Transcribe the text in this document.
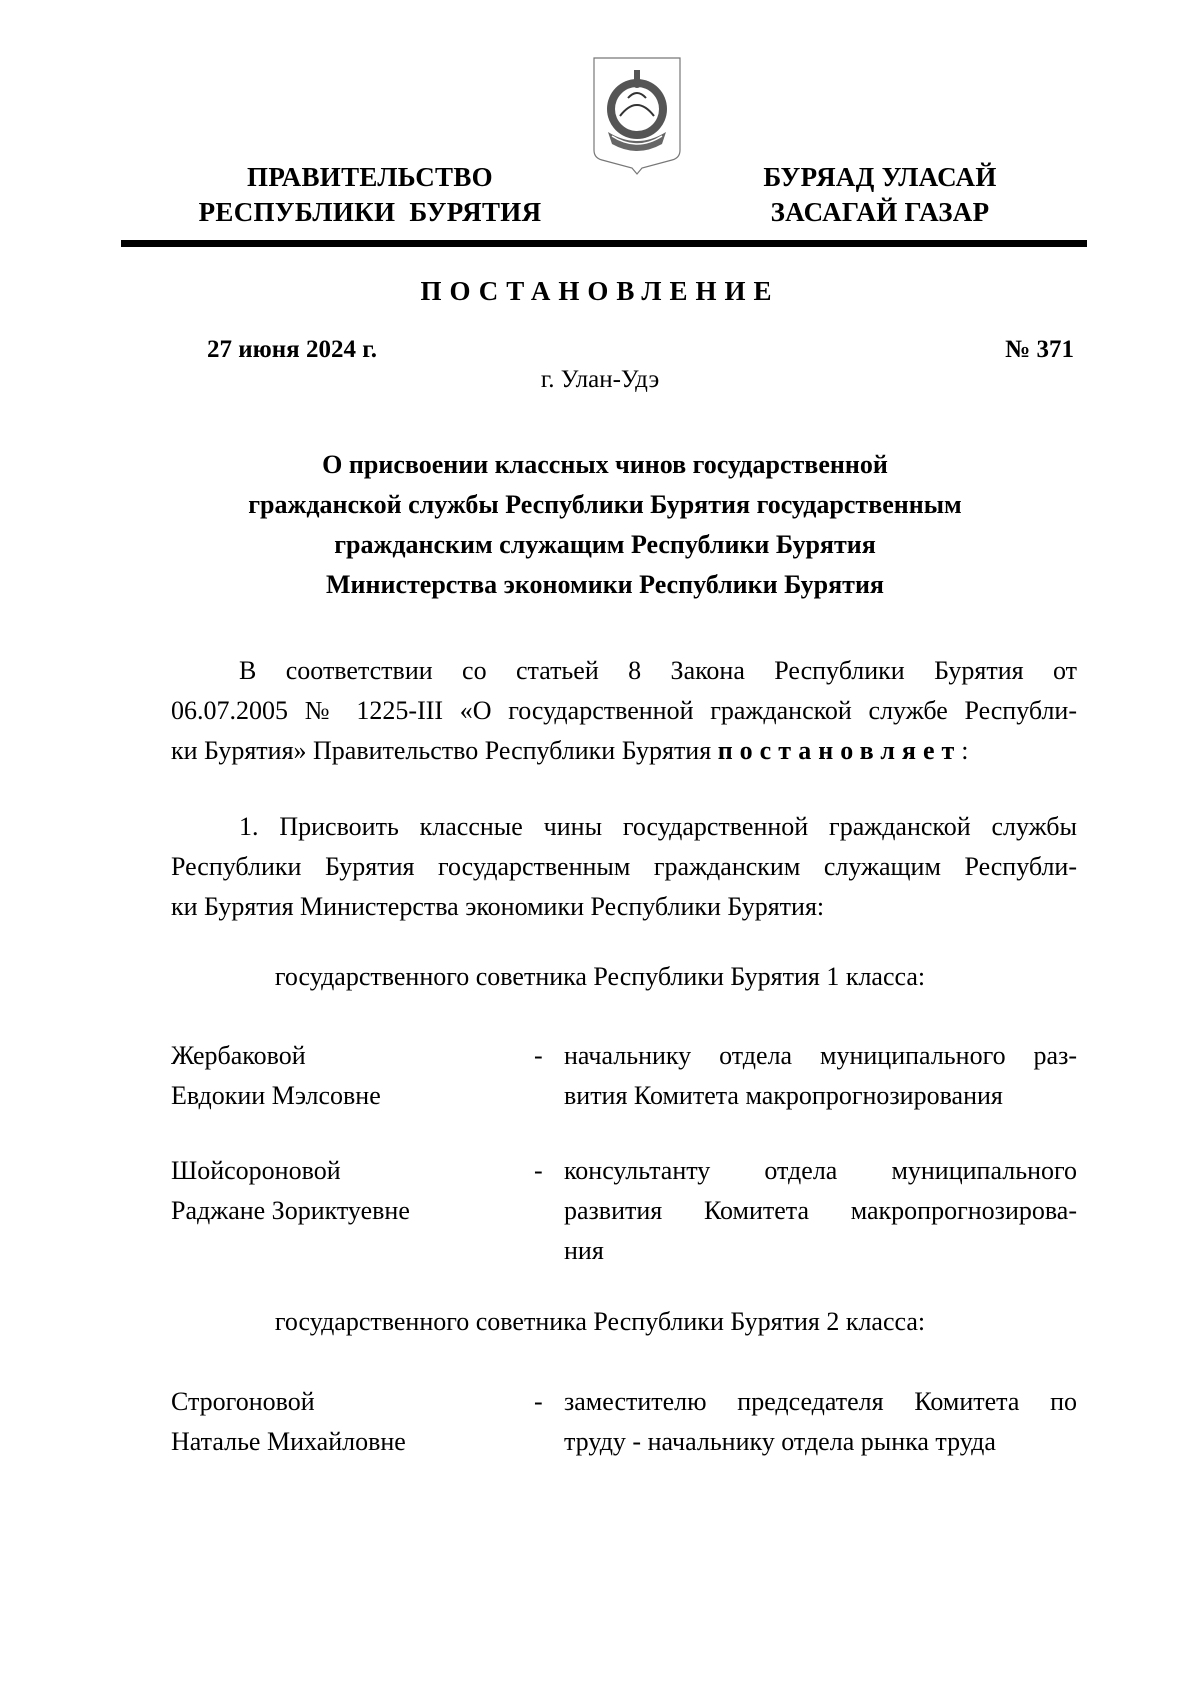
ПРАВИТЕЛЬСТВО
РЕСПУБЛИКИ  БУРЯТИЯ
БУРЯАД УЛАСАЙ
ЗАСАГАЙ ГАЗАР
ПОСТАНОВЛЕНИЕ
27 июня 2024 г.	№ 371
г. Улан-Удэ
О присвоении классных чинов государственной
гражданской службы Республики Бурятия государственным
гражданским служащим Республики Бурятия
Министерства экономики Республики Бурятия
В соответствии со статьей 8 Закона Республики Бурятия от
06.07.2005 № 1225-III «О государственной гражданской службе Республи-
ки Бурятия» Правительство Республики Бурятия постановляет:
1. Присвоить классные чины государственной гражданской службы
Республики Бурятия государственным гражданским служащим Республи-
ки Бурятия Министерства экономики Республики Бурятия:
государственного советника Республики Бурятия 1 класса:
Жербаковой
Евдокии Мэлсовне
- начальнику отдела муниципального раз-
вития Комитета макропрогнозирования
Шойсороновой
Раджане Зориктуевне
- консультанту отдела муниципального
развития Комитета макропрогнозирова-
ния
государственного советника Республики Бурятия 2 класса:
Строгоновой
Наталье Михайловне
- заместителю председателя Комитета по
труду - начальнику отдела рынка труда
